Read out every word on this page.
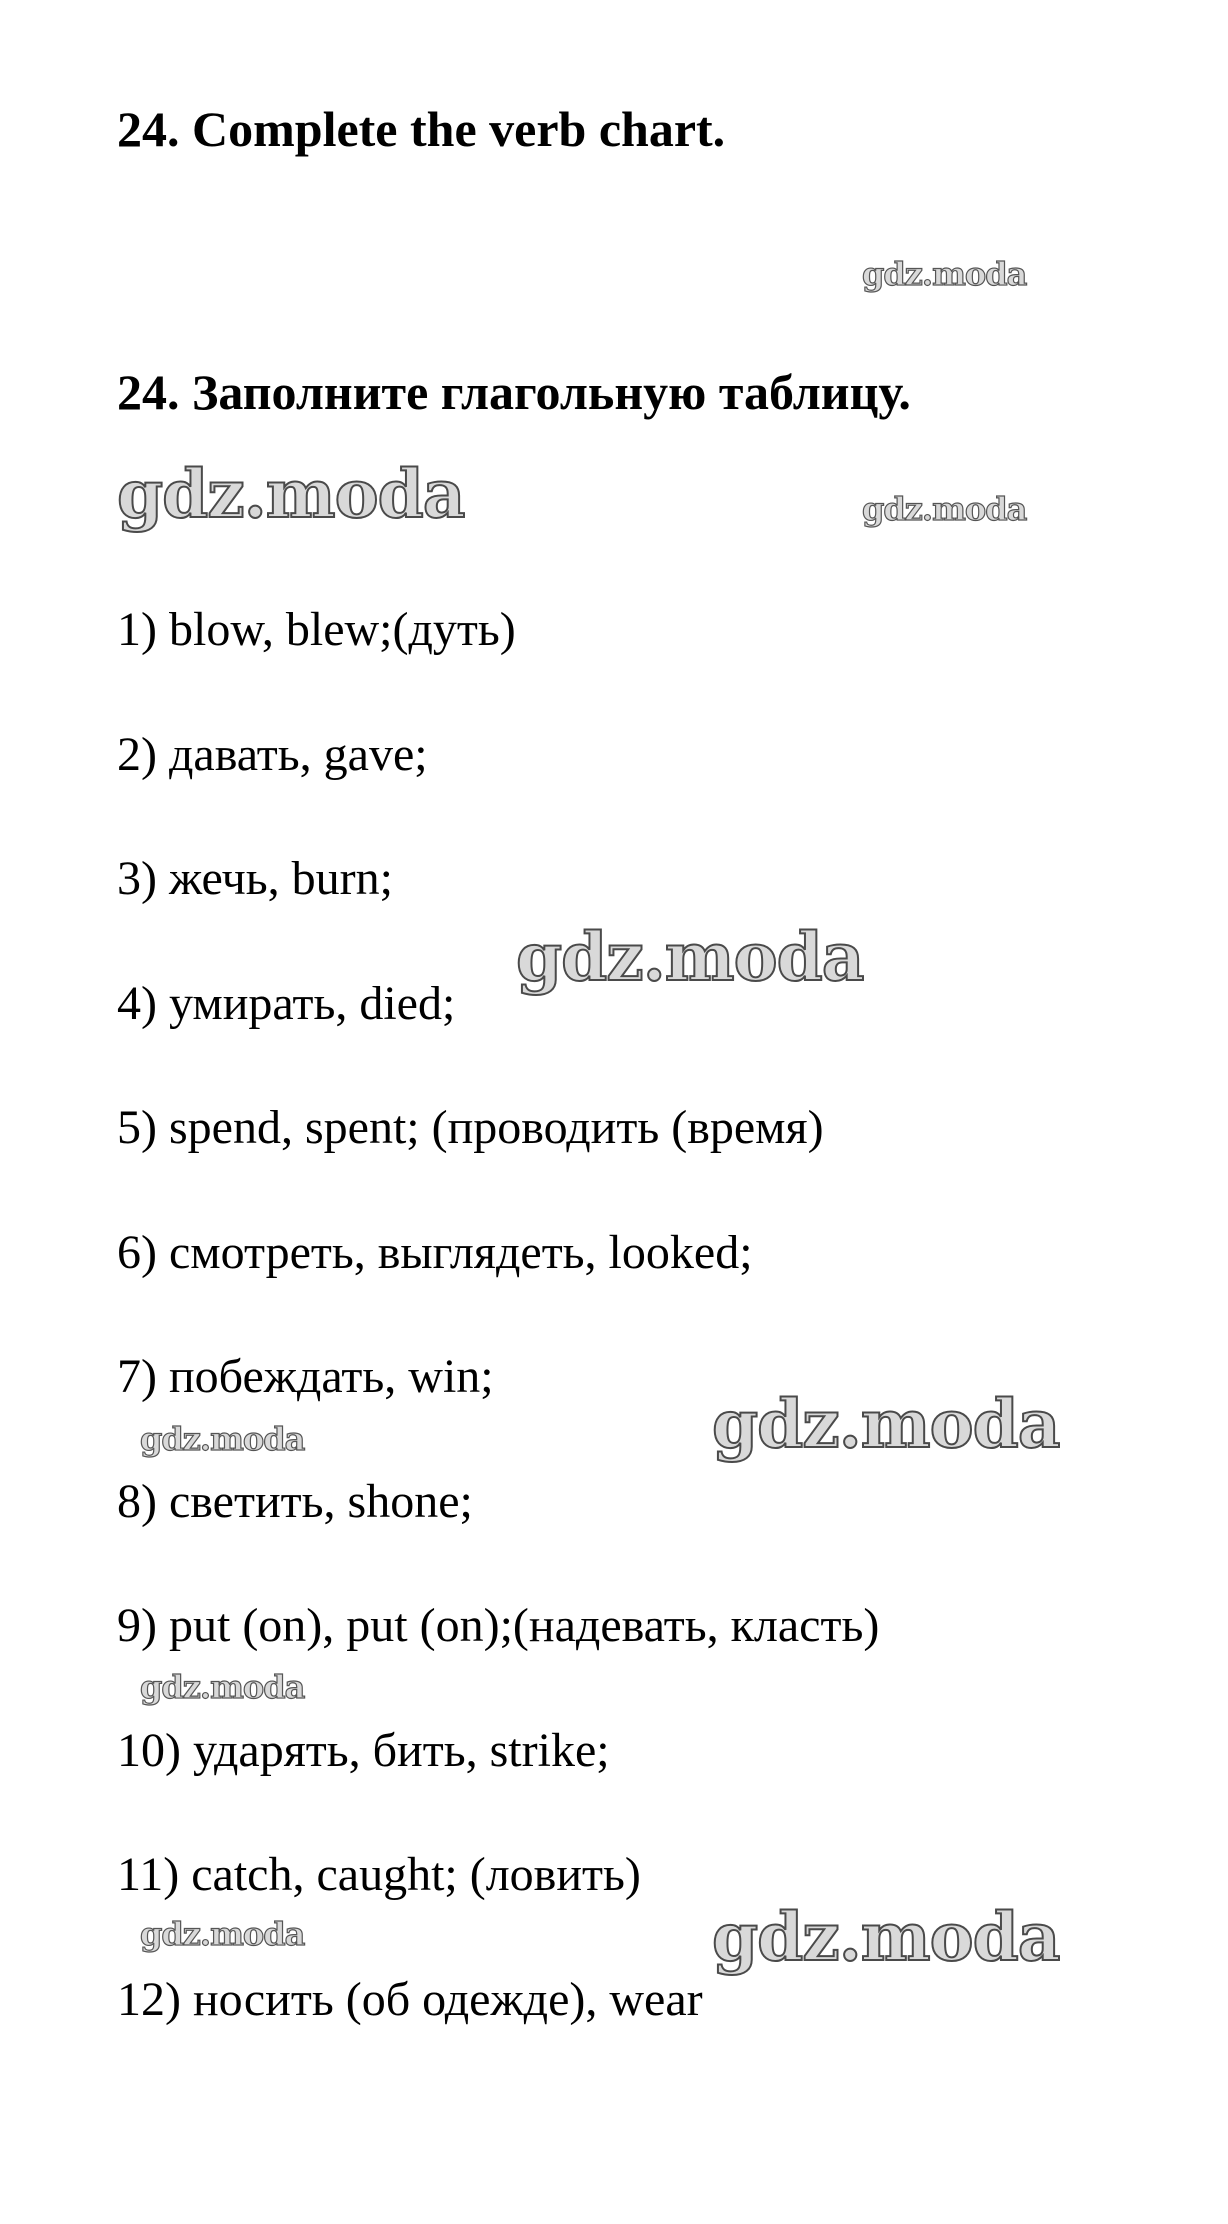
24. Complete the verb chart.
24. Заполните глагольную таблицу.
1) blow, blew;(дуть)
2) давать, gave;
3) жечь, burn;
4) умирать, died;
5) spend, spent; (проводить (время)
6) смотреть, выглядеть, looked;
7) побеждать, win;
8) светить, shone;
9) put (on), put (on);(надевать, класть)
10) ударять, бить, strike;
11) catch, caught; (ловить)
12) носить (об одежде), wear
gdz.moda
gdz.moda	gdz.moda
gdz.moda
gdz.moda
gdz.moda
gdz.moda
gdz.moda	gdz.moda
